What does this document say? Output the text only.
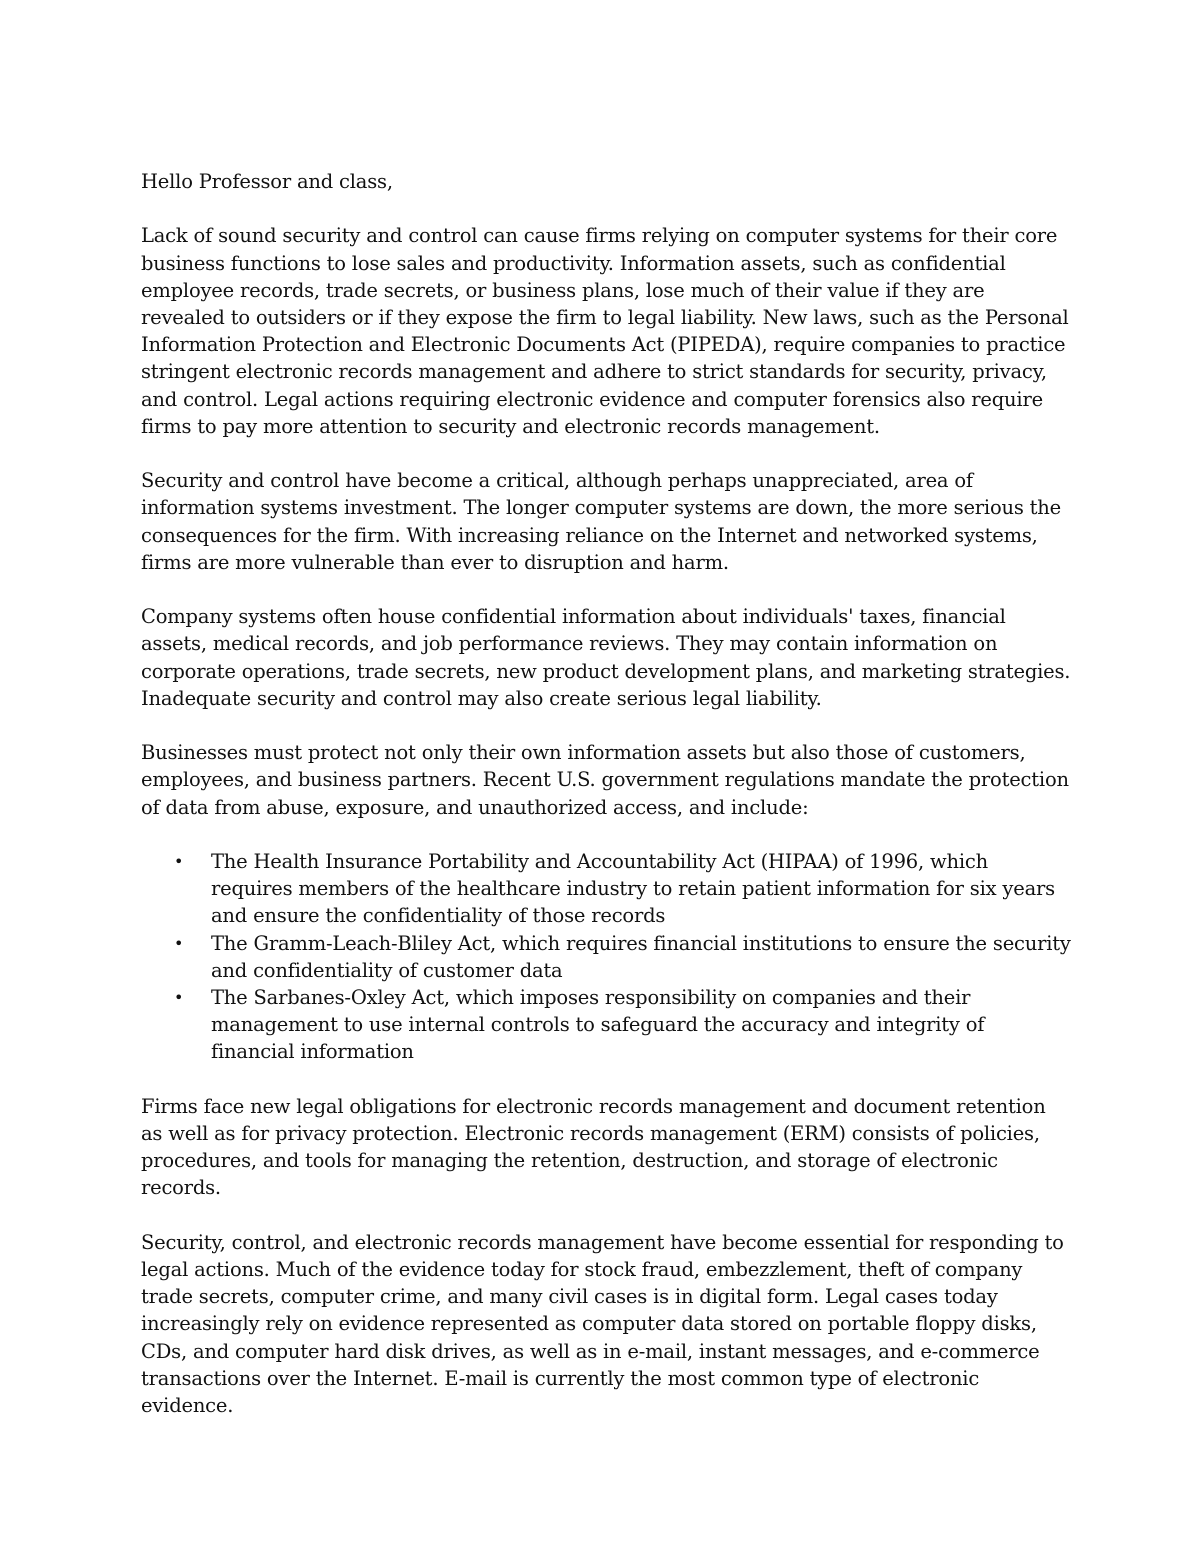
Hello Professor and class,

Lack of sound security and control can cause firms relying on computer systems for their core business functions to lose sales and productivity. Information assets, such as confidential employee records, trade secrets, or business plans, lose much of their value if they are revealed to outsiders or if they expose the firm to legal liability. New laws, such as the Personal Information Protection and Electronic Documents Act (PIPEDA), require companies to practice stringent electronic records management and adhere to strict standards for security, privacy, and control. Legal actions requiring electronic evidence and computer forensics also require firms to pay more attention to security and electronic records management.

Security and control have become a critical, although perhaps unappreciated, area of information systems investment. The longer computer systems are down, the more serious the consequences for the firm. With increasing reliance on the Internet and networked systems, firms are more vulnerable than ever to disruption and harm.

Company systems often house confidential information about individuals' taxes, financial assets, medical records, and job performance reviews. They may contain information on corporate operations, trade secrets, new product development plans, and marketing strategies. Inadequate security and control may also create serious legal liability.

Businesses must protect not only their own information assets but also those of customers, employees, and business partners. Recent U.S. government regulations mandate the protection of data from abuse, exposure, and unauthorized access, and include:

• The Health Insurance Portability and Accountability Act (HIPAA) of 1996, which requires members of the healthcare industry to retain patient information for six years and ensure the confidentiality of those records
• The Gramm-Leach-Bliley Act, which requires financial institutions to ensure the security and confidentiality of customer data
• The Sarbanes-Oxley Act, which imposes responsibility on companies and their management to use internal controls to safeguard the accuracy and integrity of financial information

Firms face new legal obligations for electronic records management and document retention as well as for privacy protection. Electronic records management (ERM) consists of policies, procedures, and tools for managing the retention, destruction, and storage of electronic records.

Security, control, and electronic records management have become essential for responding to legal actions. Much of the evidence today for stock fraud, embezzlement, theft of company trade secrets, computer crime, and many civil cases is in digital form. Legal cases today increasingly rely on evidence represented as computer data stored on portable floppy disks, CDs, and computer hard disk drives, as well as in e-mail, instant messages, and e-commerce transactions over the Internet. E-mail is currently the most common type of electronic evidence.
